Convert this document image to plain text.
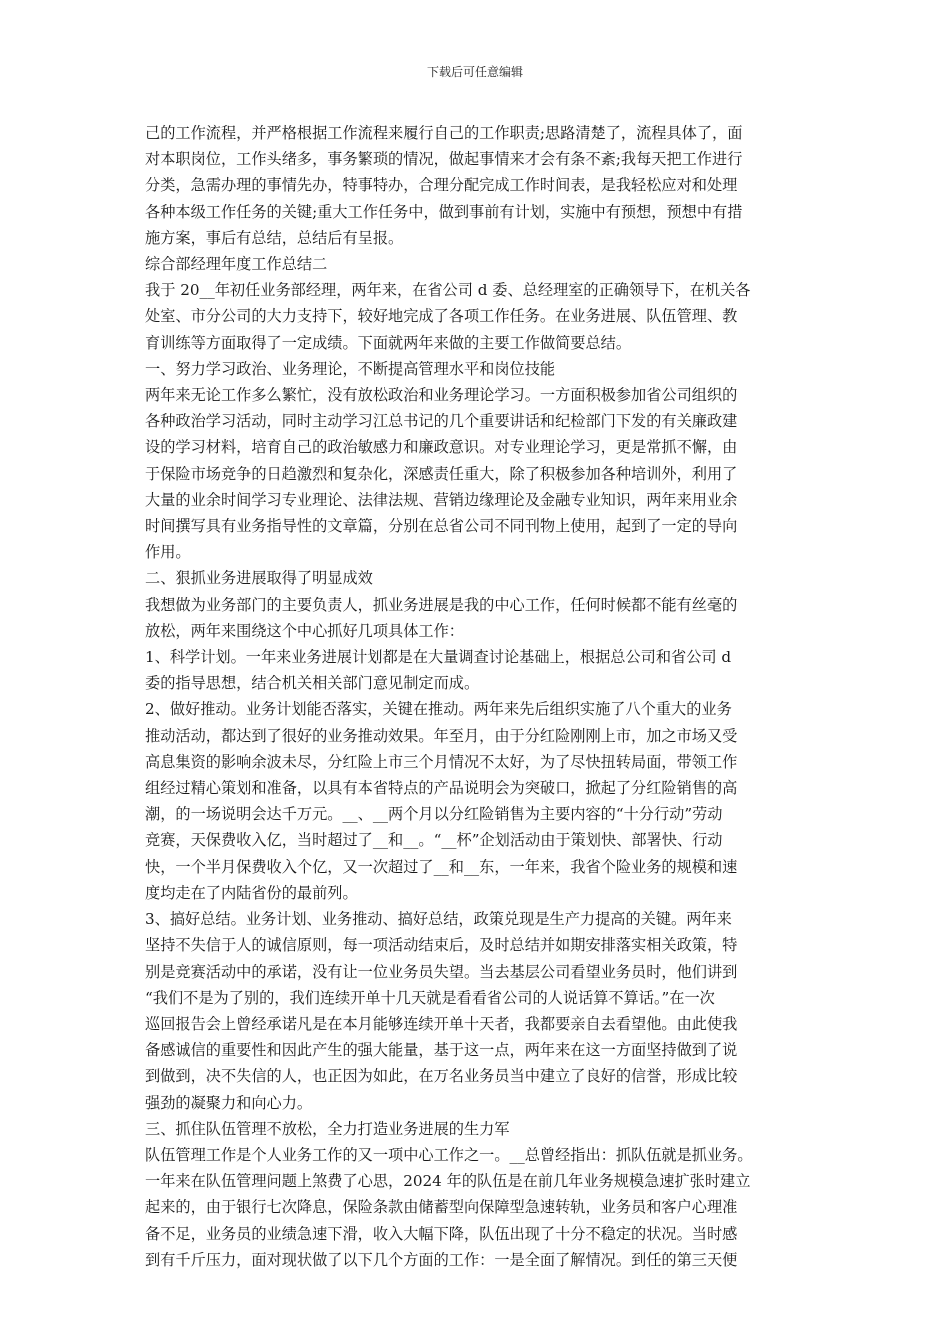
下载后可任意编辑
己的工作流程，并严格根据工作流程来履行自己的工作职责;思路清楚了，流程具体了，面
对本职岗位，工作头绪多，事务繁琐的情况，做起事情来才会有条不紊;我每天把工作进行
分类，急需办理的事情先办，特事特办，合理分配完成工作时间表，是我轻松应对和处理
各种本级工作任务的关键;重大工作任务中，做到事前有计划，实施中有预想，预想中有措
施方案，事后有总结，总结后有呈报。
综合部经理年度工作总结二
我于 20__年初任业务部经理，两年来，在省公司 d 委、总经理室的正确领导下，在机关各
处室、市分公司的大力支持下，较好地完成了各项工作任务。在业务进展、队伍管理、教
育训练等方面取得了一定成绩。下面就两年来做的主要工作做简要总结。
一、努力学习政治、业务理论，不断提高管理水平和岗位技能
两年来无论工作多么繁忙，没有放松政治和业务理论学习。一方面积极参加省公司组织的
各种政治学习活动，同时主动学习江总书记的几个重要讲话和纪检部门下发的有关廉政建
设的学习材料，培育自己的政治敏感力和廉政意识。对专业理论学习，更是常抓不懈，由
于保险市场竞争的日趋激烈和复杂化，深感责任重大，除了积极参加各种培训外，利用了
大量的业余时间学习专业理论、法律法规、营销边缘理论及金融专业知识，两年来用业余
时间撰写具有业务指导性的文章篇，分别在总省公司不同刊物上使用，起到了一定的导向
作用。
二、狠抓业务进展取得了明显成效
我想做为业务部门的主要负责人，抓业务进展是我的中心工作，任何时候都不能有丝毫的
放松，两年来围绕这个中心抓好几项具体工作：
1、科学计划。一年来业务进展计划都是在大量调查讨论基础上，根据总公司和省公司 d
委的指导思想，结合机关相关部门意见制定而成。
2、做好推动。业务计划能否落实，关键在推动。两年来先后组织实施了八个重大的业务
推动活动，都达到了很好的业务推动效果。年至月，由于分红险刚刚上市，加之市场又受
高息集资的影响余波未尽，分红险上市三个月情况不太好，为了尽快扭转局面，带领工作
组经过精心策划和准备，以具有本省特点的产品说明会为突破口，掀起了分红险销售的高
潮，的一场说明会达千万元。__、__两个月以分红险销售为主要内容的“十分行动”劳动
竞赛，天保费收入亿，当时超过了__和__。“__杯”企划活动由于策划快、部署快、行动
快，一个半月保费收入个亿，又一次超过了__和__东，一年来，我省个险业务的规模和速
度均走在了内陆省份的最前列。
3、搞好总结。业务计划、业务推动、搞好总结，政策兑现是生产力提高的关键。两年来
坚持不失信于人的诚信原则，每一项活动结束后，及时总结并如期安排落实相关政策，特
别是竞赛活动中的承诺，没有让一位业务员失望。当去基层公司看望业务员时，他们讲到
“我们不是为了别的，我们连续开单十几天就是看看省公司的人说话算不算话。”在一次
巡回报告会上曾经承诺凡是在本月能够连续开单十天者，我都要亲自去看望他。由此使我
备感诚信的重要性和因此产生的强大能量，基于这一点，两年来在这一方面坚持做到了说
到做到，决不失信的人，也正因为如此，在万名业务员当中建立了良好的信誉，形成比较
强劲的凝聚力和向心力。
三、抓住队伍管理不放松，全力打造业务进展的生力军
队伍管理工作是个人业务工作的又一项中心工作之一。__总曾经指出：抓队伍就是抓业务。
一年来在队伍管理问题上煞费了心思，2024 年的队伍是在前几年业务规模急速扩张时建立
起来的，由于银行七次降息，保险条款由储蓄型向保障型急速转轨，业务员和客户心理准
备不足，业务员的业绩急速下滑，收入大幅下降，队伍出现了十分不稳定的状况。当时感
到有千斤压力，面对现状做了以下几个方面的工作：一是全面了解情况。到任的第三天便
